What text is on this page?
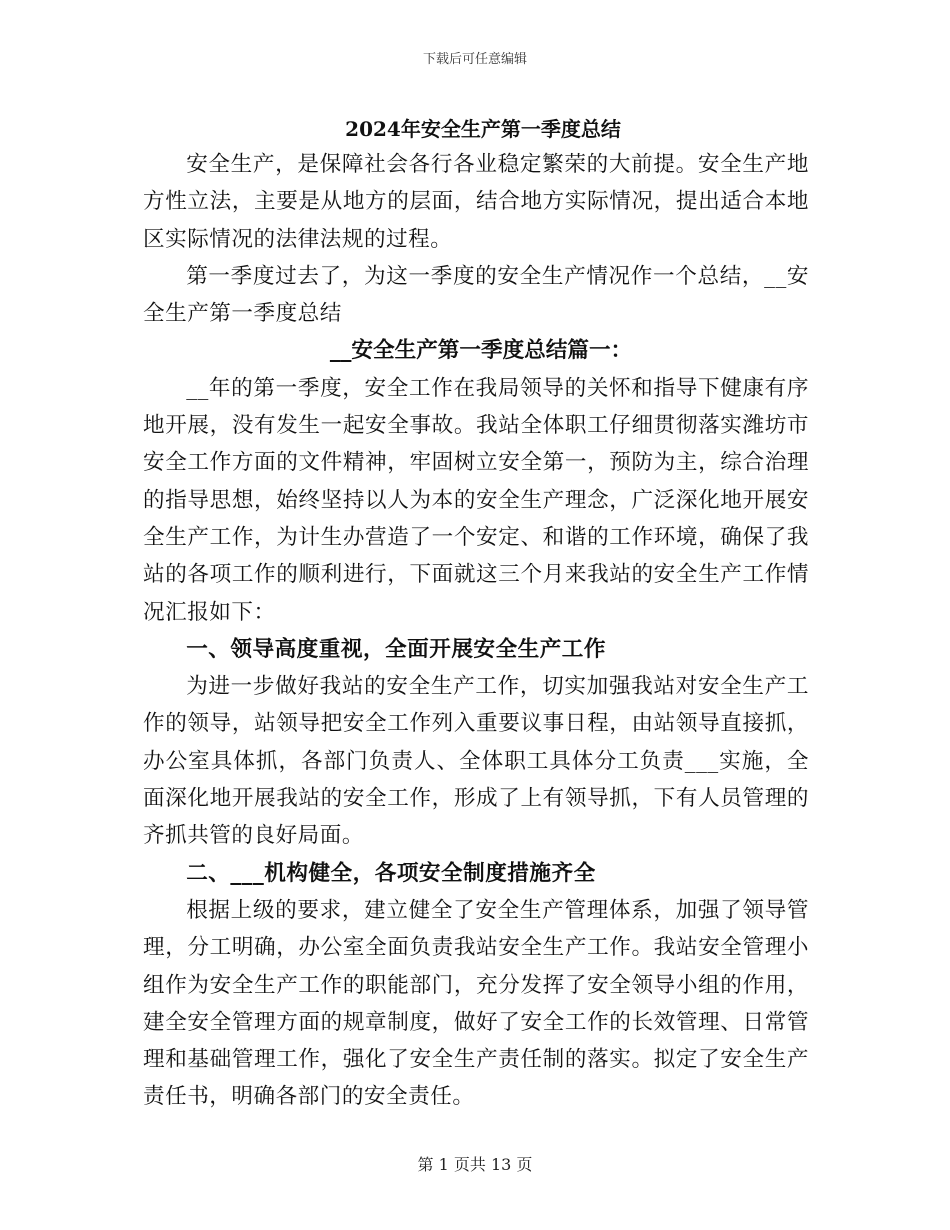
下载后可任意编辑
2024年安全生产第一季度总结

安全生产，是保障社会各行各业稳定繁荣的大前提。安全生产地方性立法，主要是从地方的层面，结合地方实际情况，提出适合本地区实际情况的法律法规的过程。

第一季度过去了，为这一季度的安全生产情况作一个总结，__安全生产第一季度总结

__安全生产第一季度总结篇一：

__年的第一季度，安全工作在我局领导的关怀和指导下健康有序地开展，没有发生一起安全事故。我站全体职工仔细贯彻落实潍坊市安全工作方面的文件精神，牢固树立安全第一，预防为主，综合治理的指导思想，始终坚持以人为本的安全生产理念，广泛深化地开展安全生产工作，为计生办营造了一个安定、和谐的工作环境，确保了我站的各项工作的顺利进行，下面就这三个月来我站的安全生产工作情况汇报如下：

一、领导高度重视，全面开展安全生产工作

为进一步做好我站的安全生产工作，切实加强我站对安全生产工作的领导，站领导把安全工作列入重要议事日程，由站领导直接抓，办公室具体抓，各部门负责人、全体职工具体分工负责___实施，全面深化地开展我站的安全工作，形成了上有领导抓，下有人员管理的齐抓共管的良好局面。

二、___机构健全，各项安全制度措施齐全

根据上级的要求，建立健全了安全生产管理体系，加强了领导管理，分工明确，办公室全面负责我站安全生产工作。我站安全管理小组作为安全生产工作的职能部门，充分发挥了安全领导小组的作用，建全安全管理方面的规章制度，做好了安全工作的长效管理、日常管理和基础管理工作，强化了安全生产责任制的落实。拟定了安全生产责任书，明确各部门的安全责任。

第 1 页共 13 页
